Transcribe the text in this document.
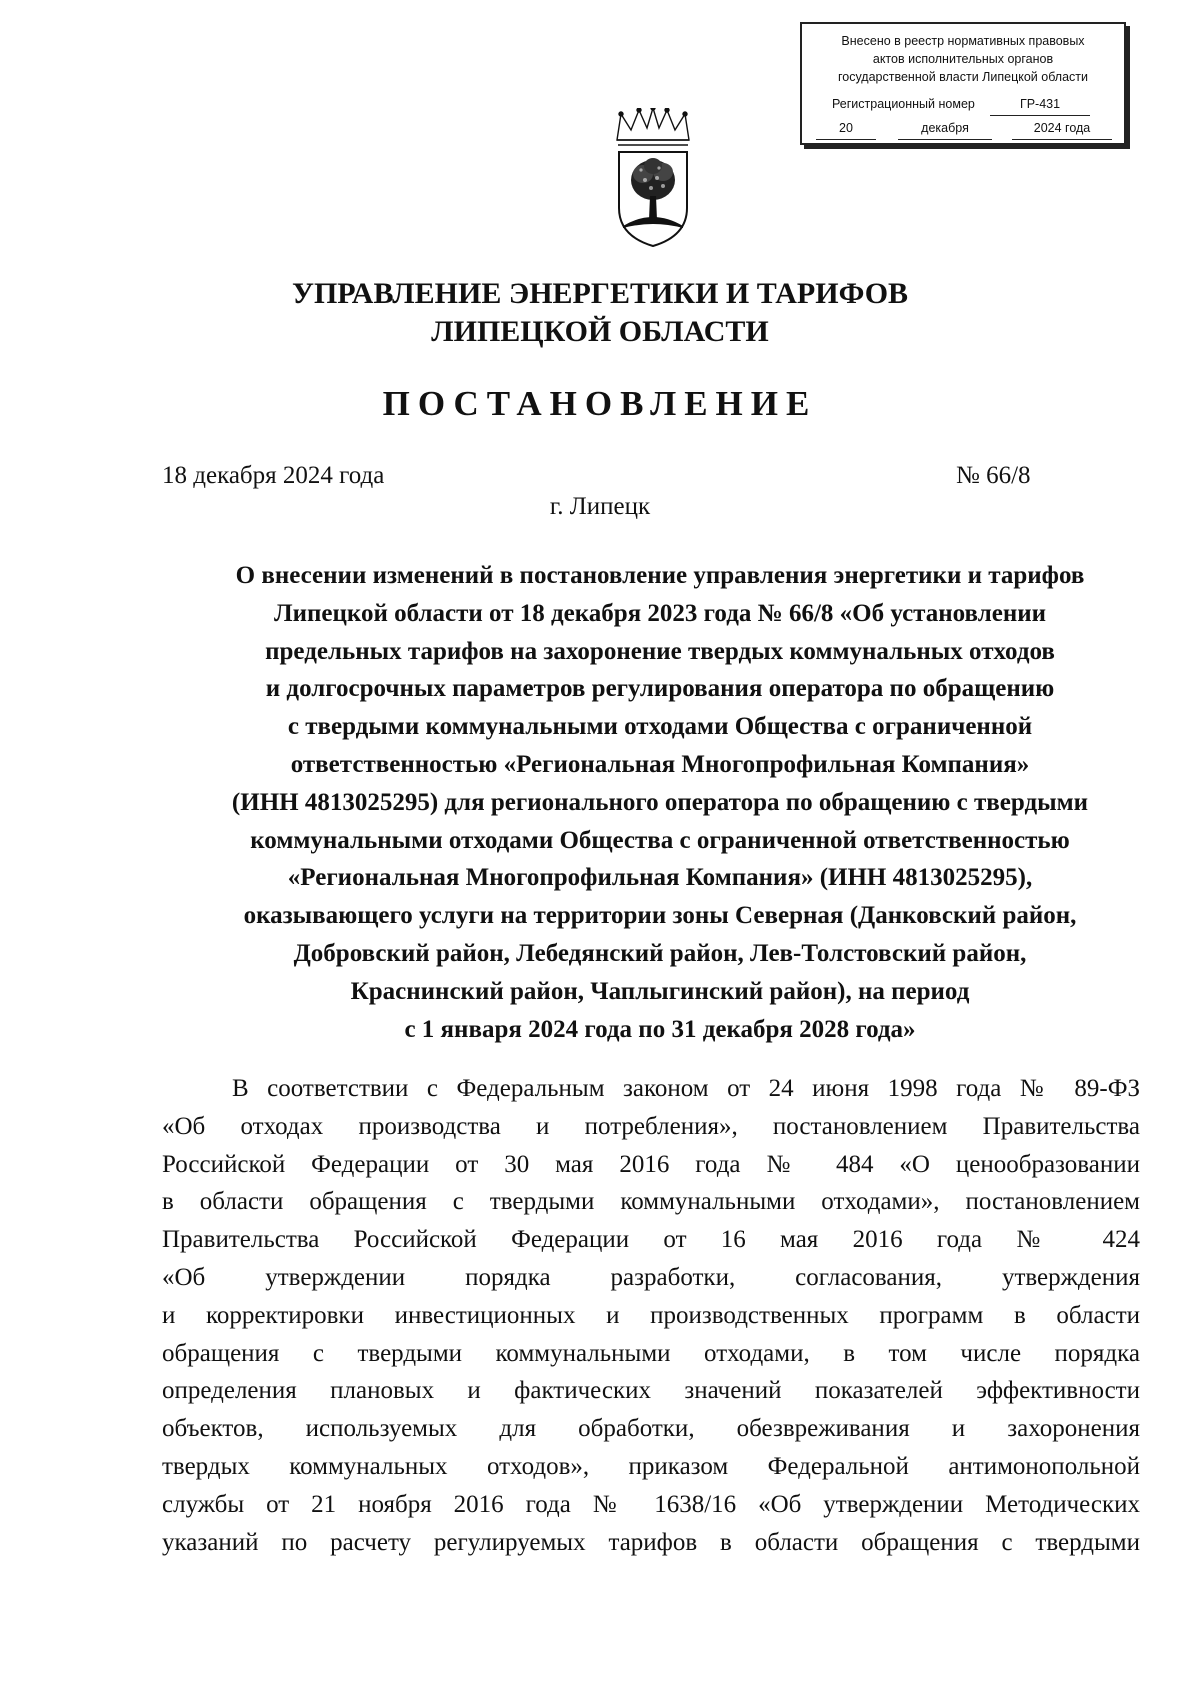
Внесено в реестр нормативных правовых
актов исполнительных органов
государственной власти Липецкой области
Регистрационный номер	ГР-431
20	декабря	2024 года
УПРАВЛЕНИЕ ЭНЕРГЕТИКИ И ТАРИФОВ
ЛИПЕЦКОЙ ОБЛАСТИ
ПОСТАНОВЛЕНИЕ
18 декабря 2024 года	№ 66/8
г. Липецк
О внесении изменений в постановление управления энергетики и тарифов
Липецкой области от 18 декабря 2023 года № 66/8 «Об установлении
предельных тарифов на захоронение твердых коммунальных отходов
и долгосрочных параметров регулирования оператора по обращению
с твердыми коммунальными отходами Общества с ограниченной
ответственностью «Региональная Многопрофильная Компания»
(ИНН 4813025295) для регионального оператора по обращению с твердыми
коммунальными отходами Общества с ограниченной ответственностью
«Региональная Многопрофильная Компания» (ИНН 4813025295),
оказывающего услуги на территории зоны Северная (Данковский район,
Добровский район, Лебедянский район, Лев-Толстовский район,
Краснинский район, Чаплыгинский район), на период
с 1 января 2024 года по 31 декабря 2028 года»
В соответствии с Федеральным законом от 24 июня 1998 года № 89-ФЗ
«Об отходах производства и потребления», постановлением Правительства
Российской Федерации от 30 мая 2016 года № 484 «О ценообразовании
в области обращения с твердыми коммунальными отходами», постановлением
Правительства Российской Федерации от 16 мая 2016 года № 424
«Об утверждении порядка разработки, согласования, утверждения
и корректировки инвестиционных и производственных программ в области
обращения с твердыми коммунальными отходами, в том числе порядка
определения плановых и фактических значений показателей эффективности
объектов, используемых для обработки, обезвреживания и захоронения
твердых коммунальных отходов», приказом Федеральной антимонопольной
службы от 21 ноября 2016 года № 1638/16 «Об утверждении Методических
указаний по расчету регулируемых тарифов в области обращения с твердыми
